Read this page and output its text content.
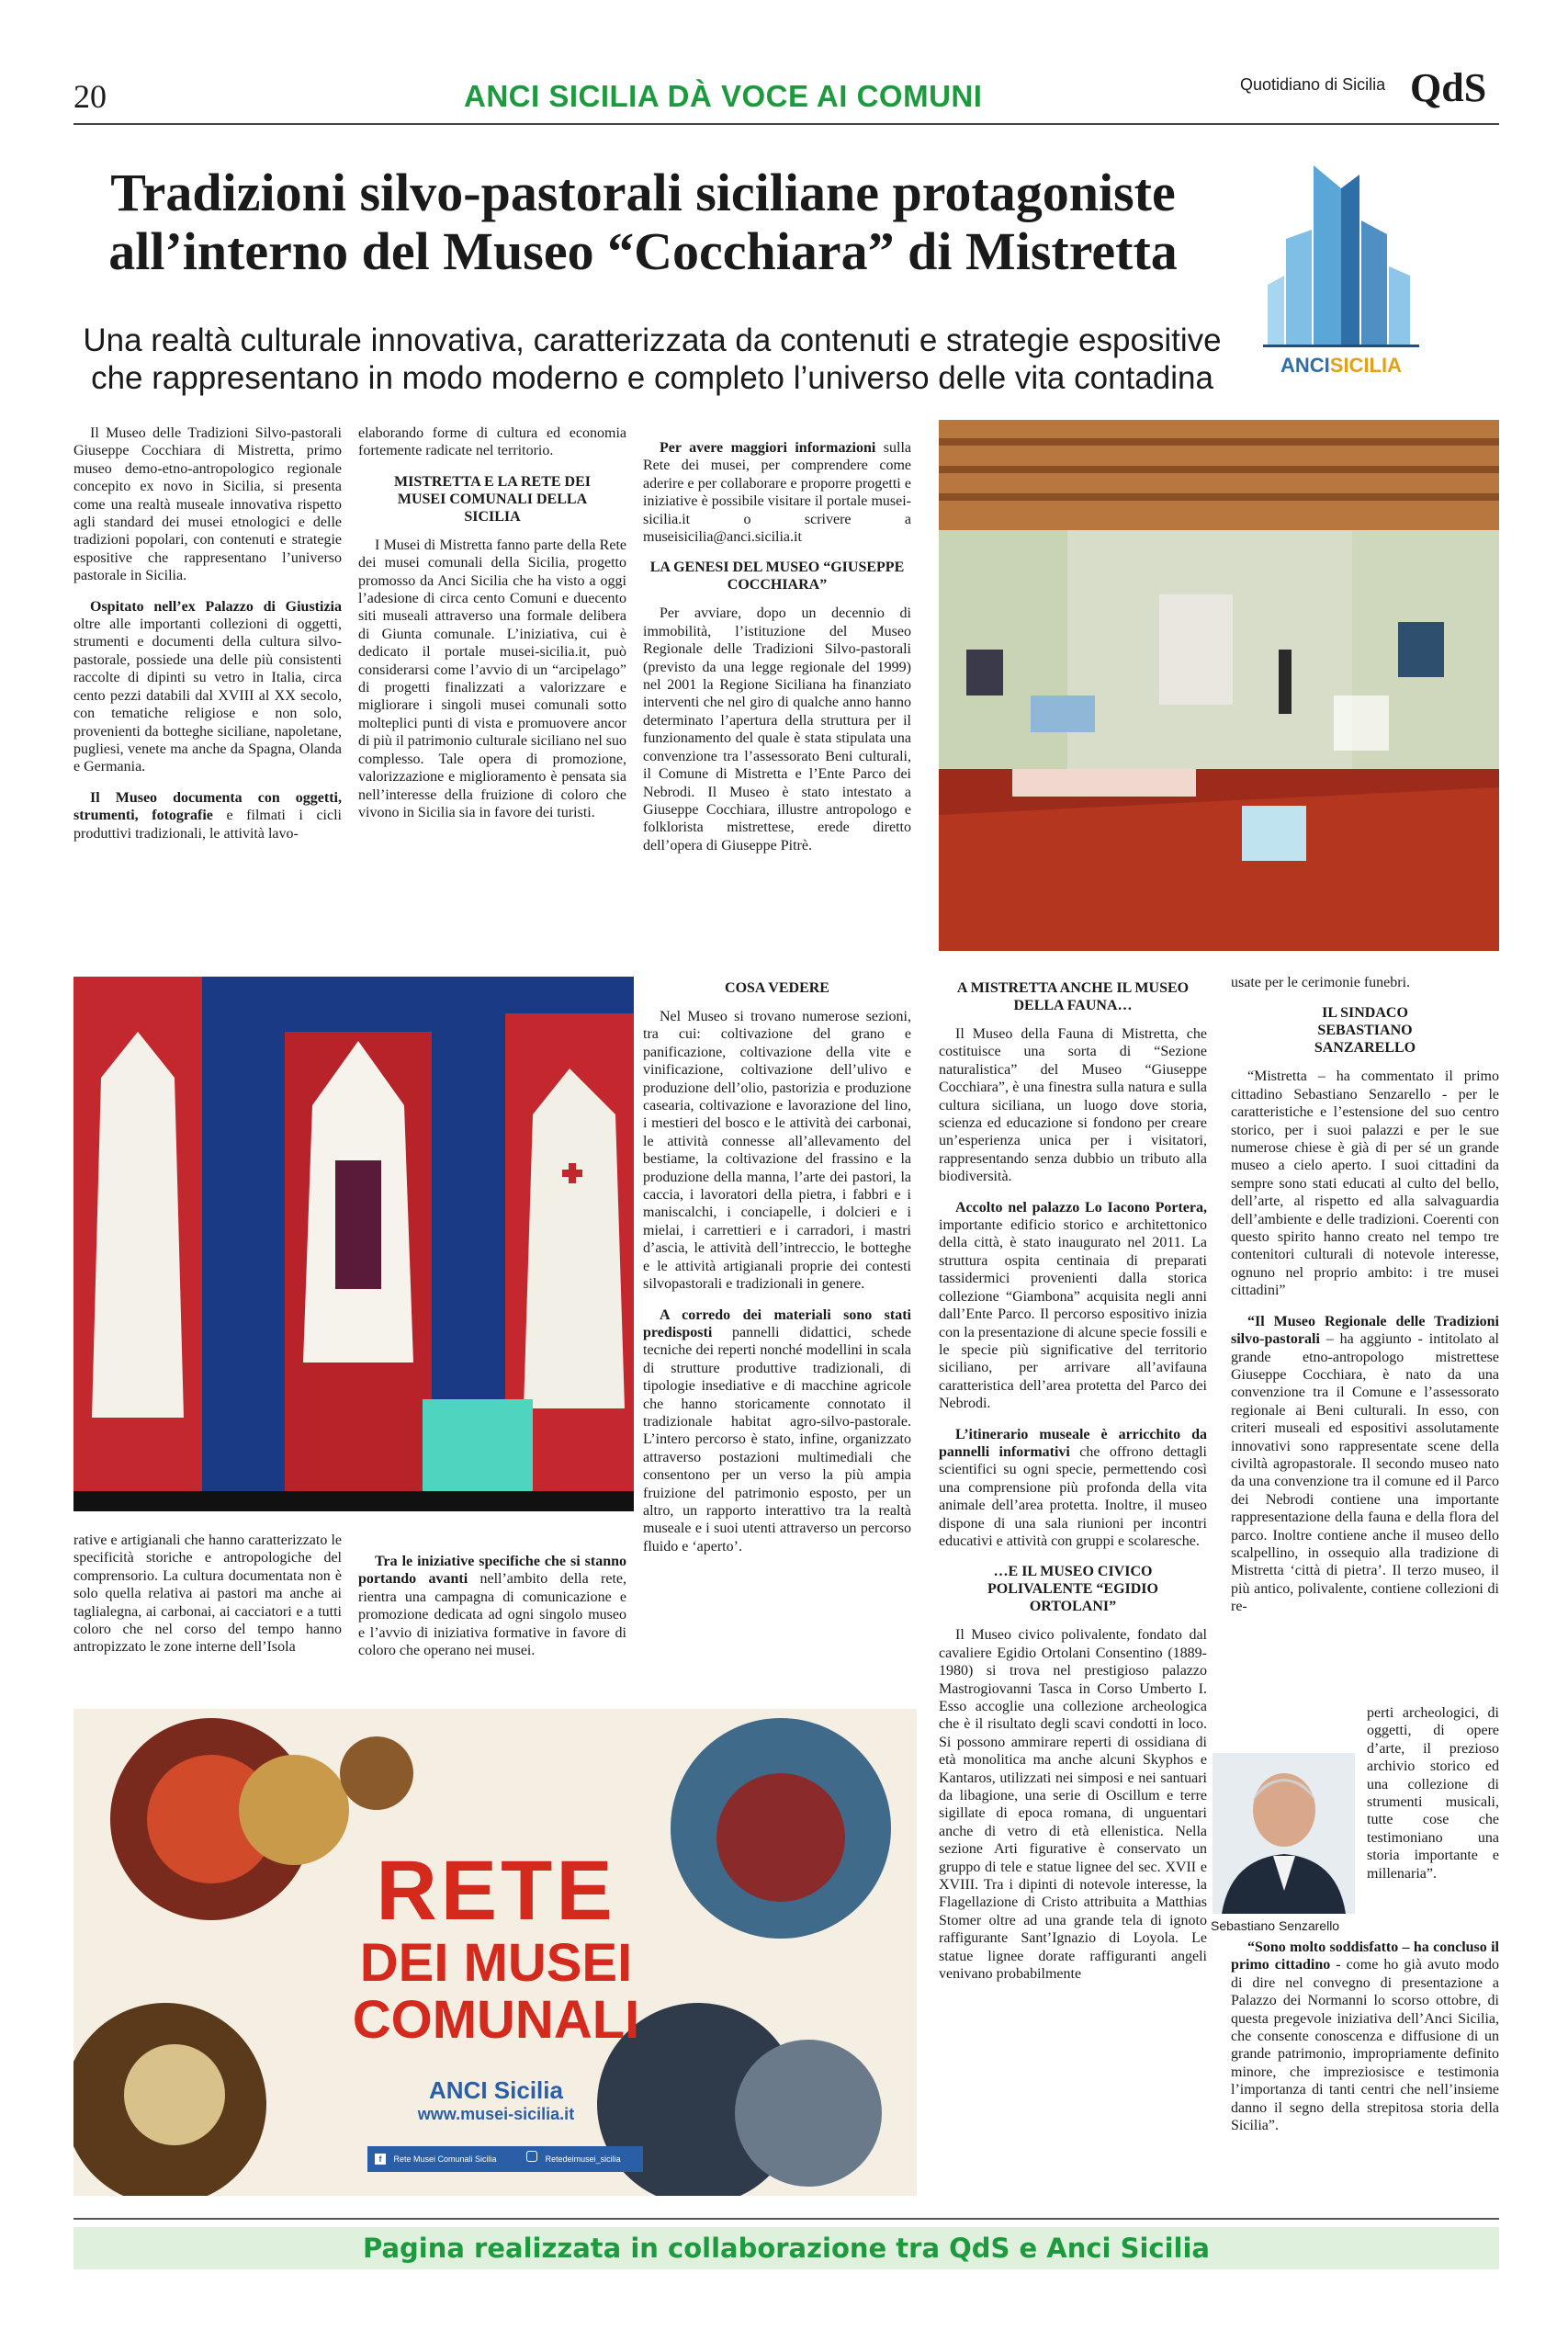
20	ANCI SICILIA DÀ VOCE AI COMUNI	Quotidiano di Sicilia QdS
Tradizioni silvo-pastorali siciliane protagoniste all’interno del Museo “Cocchiara” di Mistretta
Una realtà culturale innovativa, caratterizzata da contenuti e strategie espositive che rappresentano in modo moderno e completo l’universo delle vita contadina	ANCISICILIA

Il Museo delle Tradizioni Silvo-pastorali Giuseppe Cocchiara di Mistretta, primo museo demo-etno-antropologico regionale concepito ex novo in Sicilia, si presenta come una realtà museale innovativa rispetto agli standard dei musei etnologici e delle tradizioni popolari, con contenuti e strategie espositive che rappresentano l’universo pastorale in Sicilia.

Ospitato nell’ex Palazzo di Giustizia oltre alle importanti collezioni di oggetti, strumenti e documenti della cultura silvo-pastorale, possiede una delle più consistenti raccolte di dipinti su vetro in Italia, circa cento pezzi databili dal XVIII al XX secolo, con tematiche religiose e non solo, provenienti da botteghe siciliane, napoletane, pugliesi, venete ma anche da Spagna, Olanda e Germania.

Il Museo documenta con oggetti, strumenti, fotografie e filmati i cicli produttivi tradizionali, le attività lavo-

elaborando forme di cultura ed economia fortemente radicate nel territorio.

MISTRETTA E LA RETE DEI MUSEI COMUNALI DELLA SICILIA

I Musei di Mistretta fanno parte della Rete dei musei comunali della Sicilia, progetto promosso da Anci Sicilia che ha visto a oggi l’adesione di circa cento Comuni e duecento siti museali attraverso una formale delibera di Giunta comunale. L’iniziativa, cui è dedicato il portale musei-sicilia.it, può considerarsi come l’avvio di un “arcipelago” di progetti finalizzati a valorizzare e migliorare i singoli musei comunali sotto molteplici punti di vista e promuovere ancor di più il patrimonio culturale siciliano nel suo complesso. Tale opera di promozione, valorizzazione e miglioramento è pensata sia nell’interesse della fruizione di coloro che vivono in Sicilia sia in favore dei turisti.

Per avere maggiori informazioni sulla Rete dei musei, per comprendere come aderire e per collaborare e proporre progetti e iniziative è possibile visitare il portale musei-sicilia.it o scrivere a museisicilia@anci.sicilia.it

LA GENESI DEL MUSEO “GIUSEPPE COCCHIARA”

Per avviare, dopo un decennio di immobilità, l’istituzione del Museo Regionale delle Tradizioni Silvo-pastorali (previsto da una legge regionale del 1999) nel 2001 la Regione Siciliana ha finanziato interventi che nel giro di qualche anno hanno determinato l’apertura della struttura per il funzionamento del quale è stata stipulata una convenzione tra l’assessorato Beni culturali, il Comune di Mistretta e l’Ente Parco dei Nebrodi. Il Museo è stato intestato a Giuseppe Cocchiara, illustre antropologo e folklorista mistrettese, erede diretto dell’opera di Giuseppe Pitrè.

rative e artigianali che hanno caratterizzato le specificità storiche e antropologiche del comprensorio. La cultura documentata non è solo quella relativa ai pastori ma anche ai taglialegna, ai carbonai, ai cacciatori e a tutti coloro che nel corso del tempo hanno antropizzato le zone interne dell’Isola

Tra le iniziative specifiche che si stanno portando avanti nell’ambito della rete, rientra una campagna di comunicazione e promozione dedicata ad ogni singolo museo e l’avvio di iniziativa formative in favore di coloro che operano nei musei.

COSA VEDERE

Nel Museo si trovano numerose sezioni, tra cui: coltivazione del grano e panificazione, coltivazione della vite e vinificazione, coltivazione dell’ulivo e produzione dell’olio, pastorizia e produzione casearia, coltivazione e lavorazione del lino, i mestieri del bosco e le attività dei carbonai, le attività connesse all’allevamento del bestiame, la coltivazione del frassino e la produzione della manna, l’arte dei pastori, la caccia, i lavoratori della pietra, i fabbri e i maniscalchi, i conciapelle, i dolcieri e i mielai, i carrettieri e i carradori, i mastri d’ascia, le attività dell’intreccio, le botteghe e le attività artigianali proprie dei contesti silvopastorali e tradizionali in genere.

A corredo dei materiali sono stati predisposti pannelli didattici, schede tecniche dei reperti nonché modellini in scala di strutture produttive tradizionali, di tipologie insediative e di macchine agricole che hanno storicamente connotato il tradizionale habitat agro-silvo-pastorale. L’intero percorso è stato, infine, organizzato attraverso postazioni multimediali che consentono per un verso la più ampia fruizione del patrimonio esposto, per un altro, un rapporto interattivo tra la realtà museale e i suoi utenti attraverso un percorso fluido e ‘aperto’.

A MISTRETTA ANCHE IL MUSEO DELLA FAUNA…

Il Museo della Fauna di Mistretta, che costituisce una sorta di “Sezione naturalistica” del Museo “Giuseppe Cocchiara”, è una finestra sulla natura e sulla cultura siciliana, un luogo dove storia, scienza ed educazione si fondono per creare un’esperienza unica per i visitatori, rappresentando senza dubbio un tributo alla biodiversità.

Accolto nel palazzo Lo Iacono Portera, importante edificio storico e architettonico della città, è stato inaugurato nel 2011. La struttura ospita centinaia di preparati tassidermici provenienti dalla storica collezione “Giambona” acquisita negli anni dall’Ente Parco. Il percorso espositivo inizia con la presentazione di alcune specie fossili e le specie più significative del territorio siciliano, per arrivare all’avifauna caratteristica dell’area protetta del Parco dei Nebrodi.

L’itinerario museale è arricchito da pannelli informativi che offrono dettagli scientifici su ogni specie, permettendo così una comprensione più profonda della vita animale dell’area protetta. Inoltre, il museo dispone di una sala riunioni per incontri educativi e attività con gruppi e scolaresche.

…E IL MUSEO CIVICO POLIVALENTE “EGIDIO ORTOLANI”

Il Museo civico polivalente, fondato dal cavaliere Egidio Ortolani Consentino (1889-1980) si trova nel prestigioso palazzo Mastrogiovanni Tasca in Corso Umberto I. Esso accoglie una collezione archeologica che è il risultato degli scavi condotti in loco. Si possono ammirare reperti di ossidiana di età monolitica ma anche alcuni Skyphos e Kantaros, utilizzati nei simposi e nei santuari da libagione, una serie di Oscillum e terre sigillate di epoca romana, di unguentari anche di vetro di età ellenistica. Nella sezione Arti figurative è conservato un gruppo di tele e statue lignee del sec. XVII e XVIII. Tra i dipinti di notevole interesse, la Flagellazione di Cristo attribuita a Matthias Stomer oltre ad una grande tela di ignoto raffigurante Sant’Ignazio di Loyola. Le statue lignee dorate raffiguranti angeli venivano probabilmente

usate per le cerimonie funebri.

IL SINDACO SEBASTIANO SANZARELLO

“Mistretta – ha commentato il primo cittadino Sebastiano Senzarello - per le caratteristiche e l’estensione del suo centro storico, per i suoi palazzi e per le sue numerose chiese è già di per sé un grande museo a cielo aperto. I suoi cittadini da sempre sono stati educati al culto del bello, dell’arte, al rispetto ed alla salvaguardia dell’ambiente e delle tradizioni. Coerenti con questo spirito hanno creato nel tempo tre contenitori culturali di notevole interesse, ognuno nel proprio ambito: i tre musei cittadini”

“Il Museo Regionale delle Tradizioni silvo-pastorali – ha aggiunto - intitolato al grande etno-antropologo mistrettese Giuseppe Cocchiara, è nato da una convenzione tra il Comune e l’assessorato regionale ai Beni culturali. In esso, con criteri museali ed espositivi assolutamente innovativi sono rappresentate scene della civiltà agropastorale. Il secondo museo nato da una convenzione tra il comune ed il Parco dei Nebrodi contiene una importante rappresentazione della fauna e della flora del parco. Inoltre contiene anche il museo dello scalpellino, in ossequio alla tradizione di Mistretta ‘città di pietra’. Il terzo museo, il più antico, polivalente, contiene collezioni di re-

Sebastiano Senzarello

perti archeologici, di oggetti, di opere d’arte, il prezioso archivio storico ed una collezione di strumenti musicali, tutte cose che testimoniano una storia importante e millenaria”.

“Sono molto soddisfatto – ha concluso il primo cittadino - come ho già avuto modo di dire nel convegno di presentazione a Palazzo dei Normanni lo scorso ottobre, di questa pregevole iniziativa dell’Anci Sicilia, che consente conoscenza e diffusione di un grande patrimonio, impropriamente definito minore, che impreziosisce e testimonia l’importanza di tanti centri che nell’insieme danno il segno della strepitosa storia della Sicilia”.

RETE
DEI MUSEI
COMUNALI
ANCI Sicilia
www.musei-sicilia.it
f Rete Musei Comunali Sicilia	Retedeimusei_sicilia
Pagina realizzata in collaborazione tra QdS e Anci Sicilia
